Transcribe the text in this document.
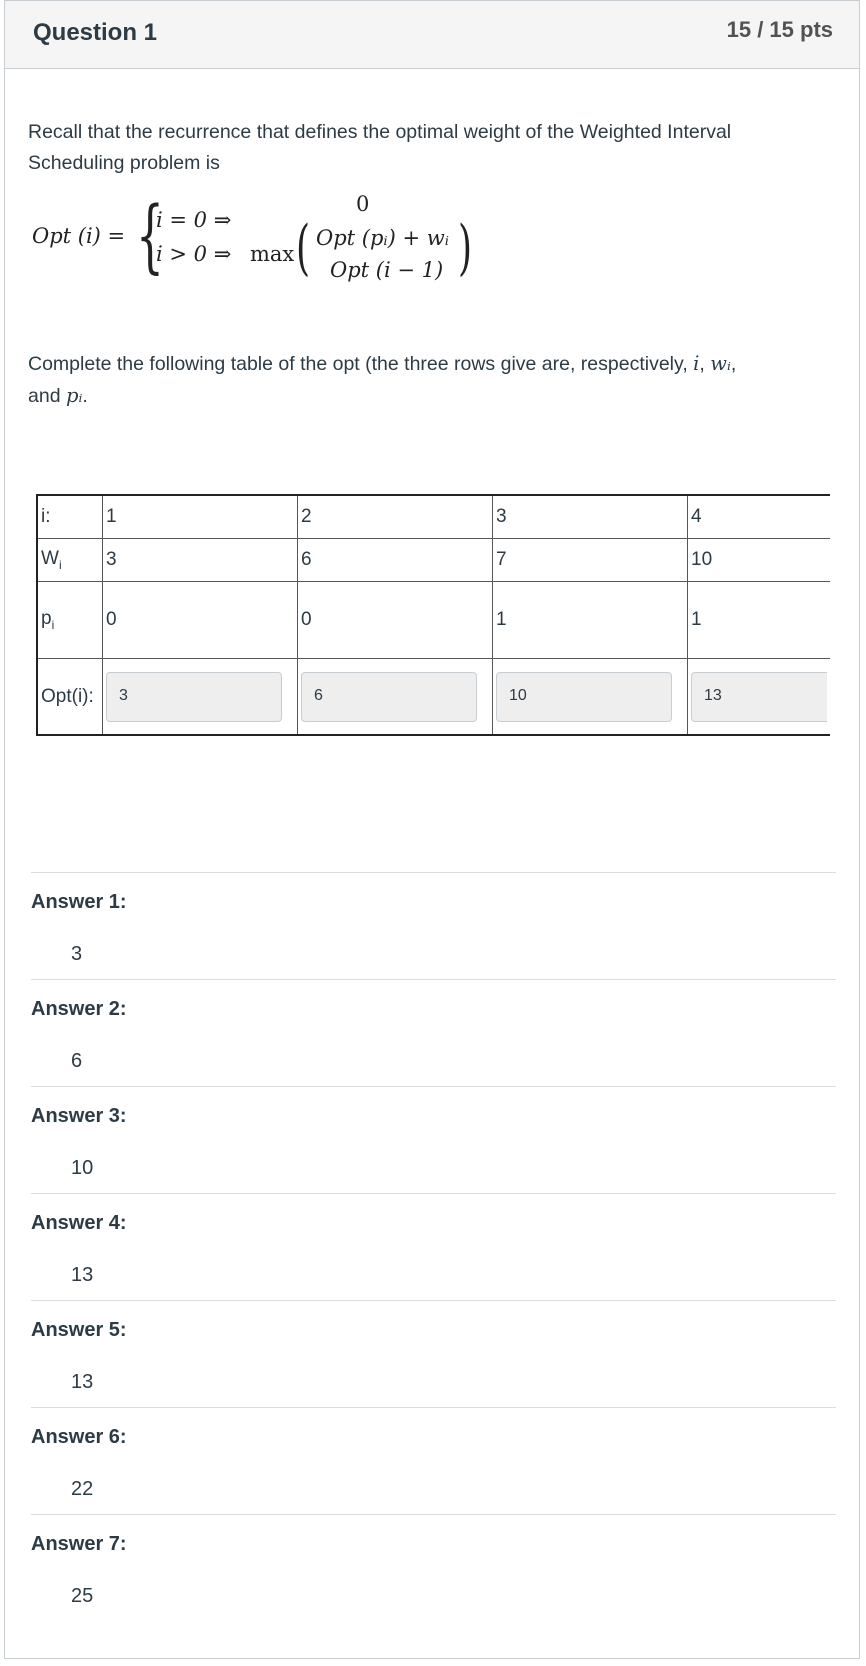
Question 1	15 / 15 pts
Recall that the recurrence that defines the optimal weight of the Weighted Interval
Scheduling problem is
Opt (i) = {
i = 0 ⇒
0
i > 0 ⇒ max ( Opt (pᵢ) + wᵢ
Opt (i − 1) )
Complete the following table of the opt (the three rows give are, respectively, i, wᵢ,
and pᵢ.
i:	1	2	3	4
$W_i$	3	6	7	10
$p_i$	0	0	1	1
Opt(i):	3	6	10	13
Answer 1:
3
Answer 2:
6
Answer 3:
10
Answer 4:
13
Answer 5:
13
Answer 6:
22
Answer 7:
25
